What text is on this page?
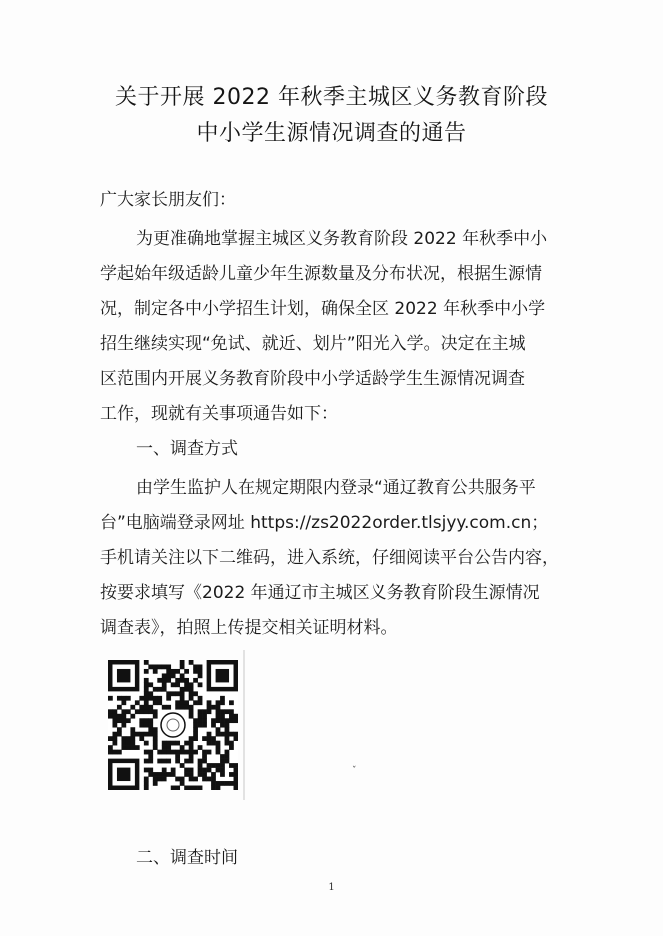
关于开展 2022 年秋季主城区义务教育阶段
中小学生源情况调查的通告
广大家长朋友们：
为更准确地掌握主城区义务教育阶段 2022 年秋季中小
学起始年级适龄儿童少年生源数量及分布状况，根据生源情
况，制定各中小学招生计划，确保全区 2022 年秋季中小学
招生继续实现“免试、就近、划片”阳光入学。决定在主城
区范围内开展义务教育阶段中小学适龄学生生源情况调查
工作，现就有关事项通告如下：
一、调查方式
由学生监护人在规定期限内登录“通辽教育公共服务平
台”电脑端登录网址 https://zs2022order.tlsjyy.com.cn；
手机请关注以下二维码，进入系统，仔细阅读平台公告内容，
按要求填写《2022 年通辽市主城区义务教育阶段生源情况
调查表》，拍照上传提交相关证明材料。
ˇ
二、调查时间
1
